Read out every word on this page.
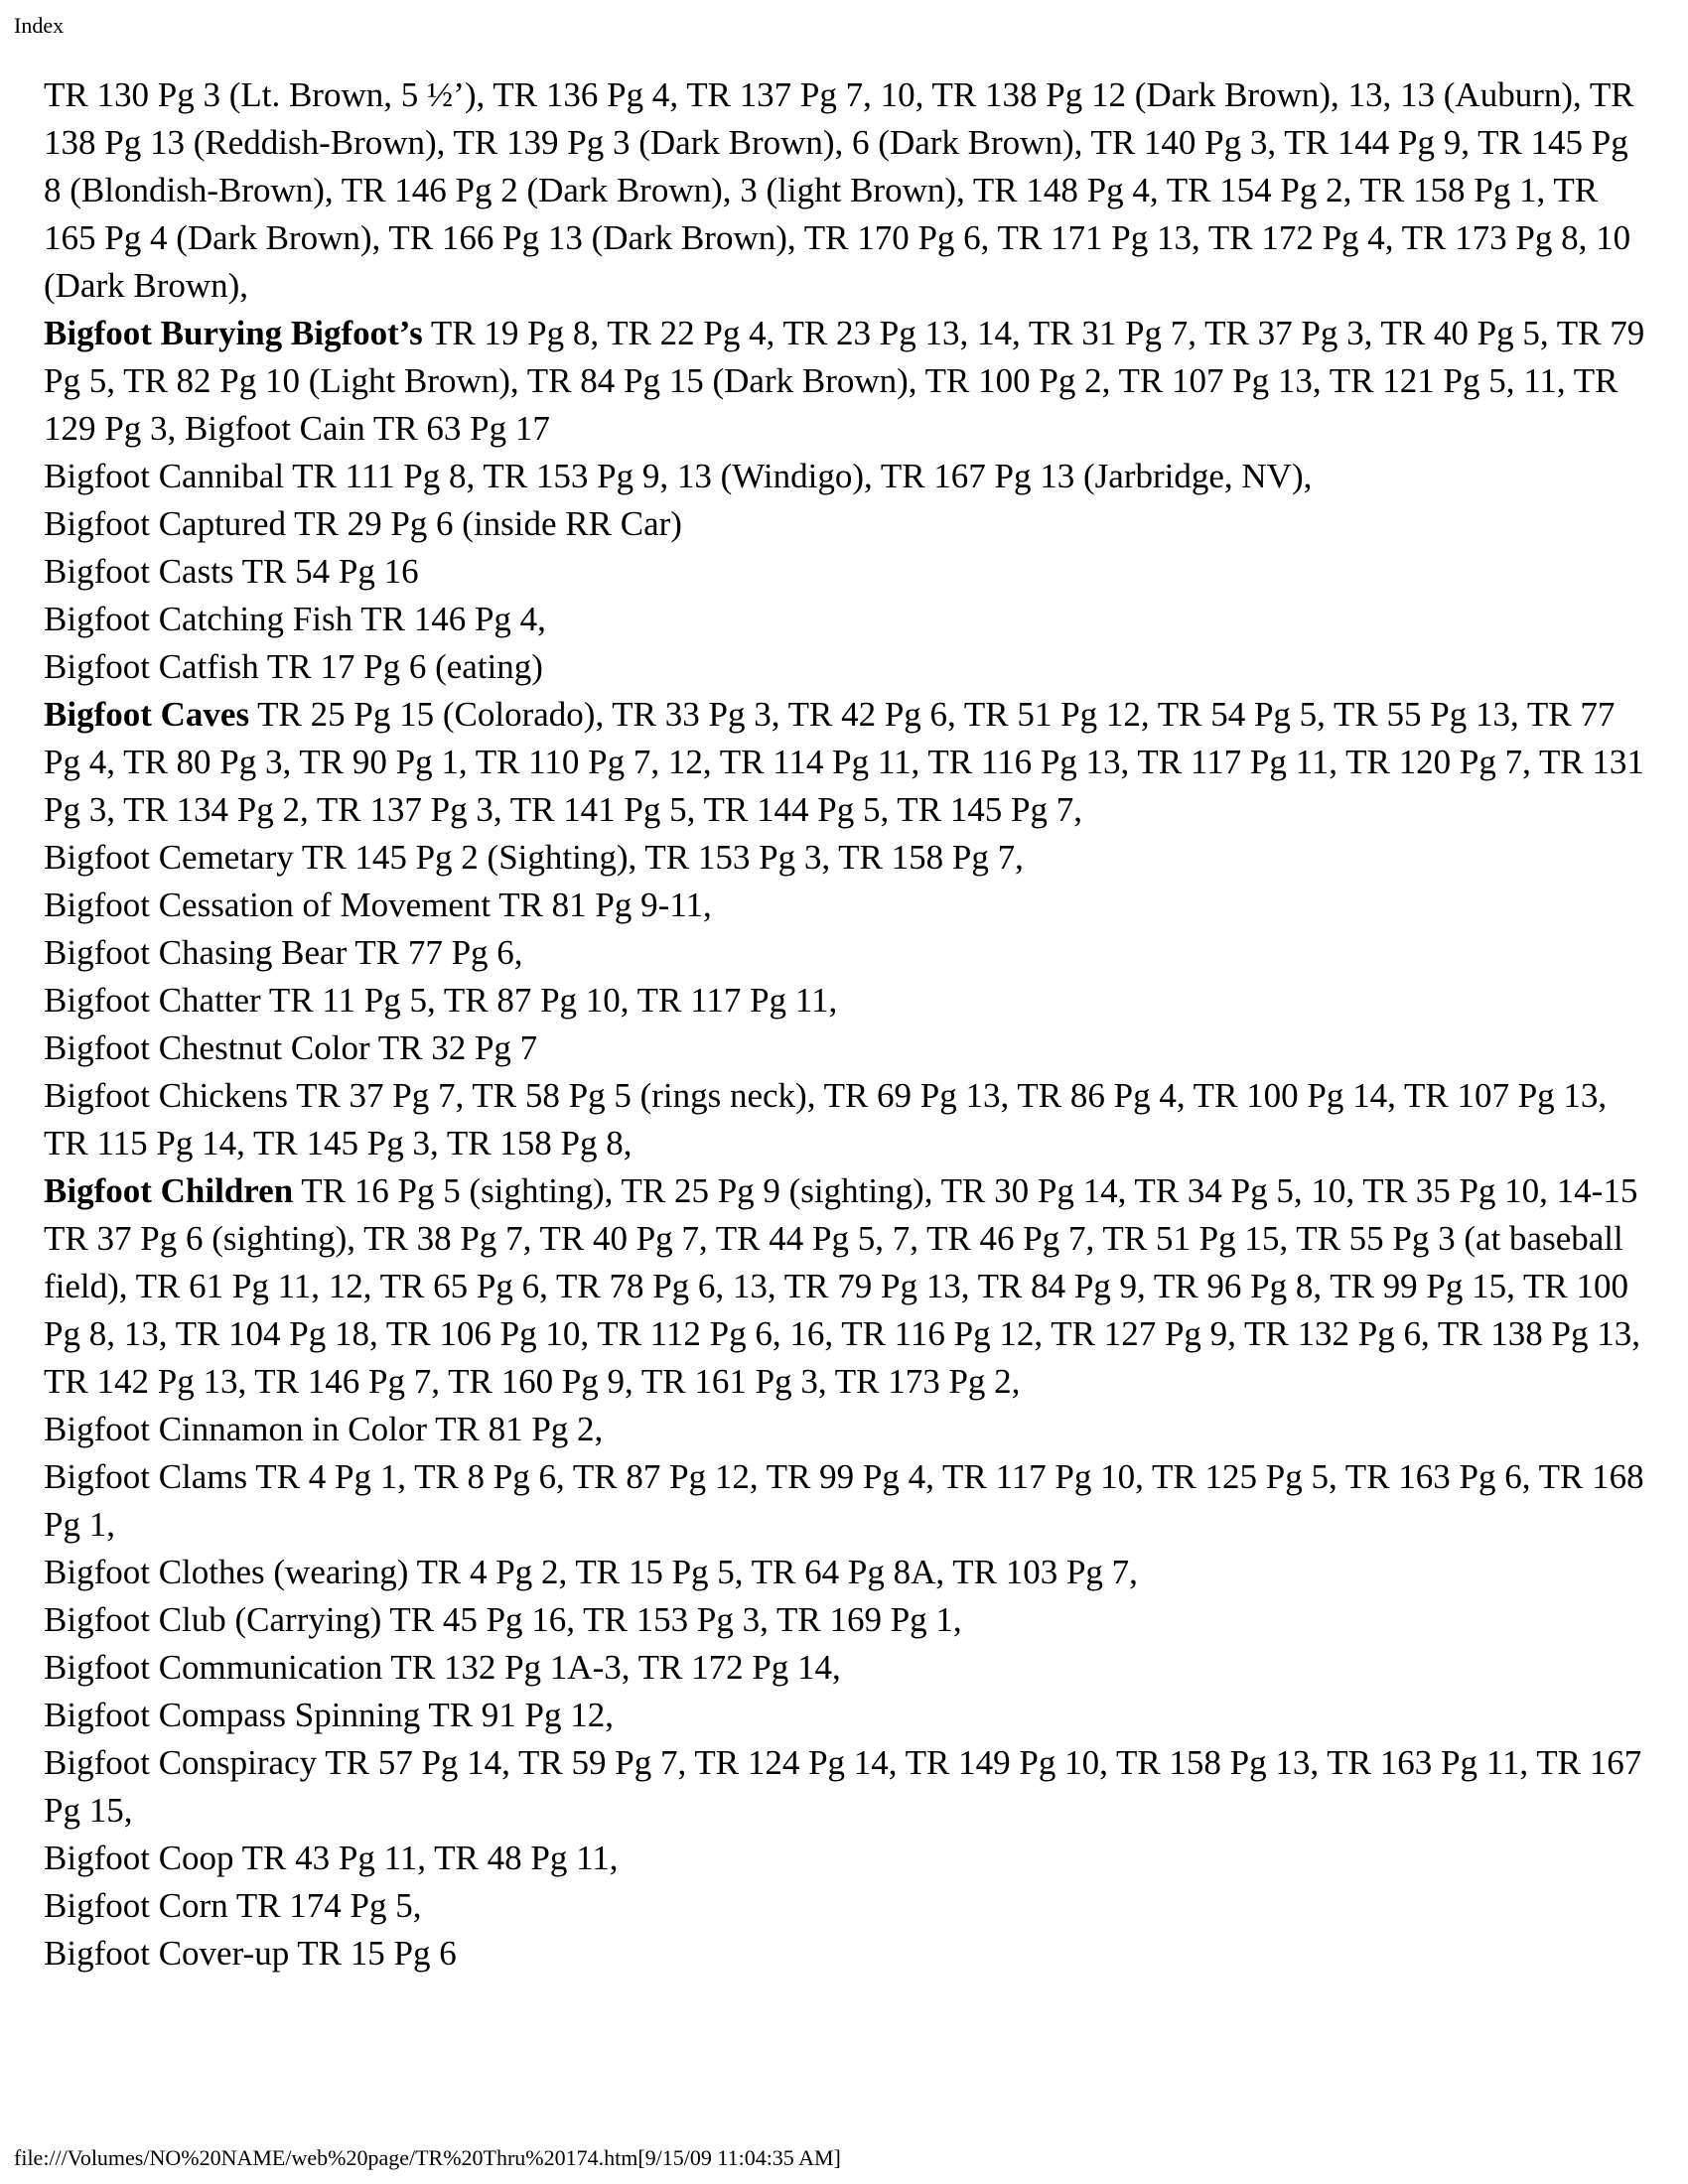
Index

TR 130 Pg 3 (Lt. Brown, 5 ½’), TR 136 Pg 4, TR 137 Pg 7, 10, TR 138 Pg 12 (Dark Brown), 13, 13 (Auburn), TR 138 Pg 13 (Reddish-Brown), TR 139 Pg 3 (Dark Brown), 6 (Dark Brown), TR 140 Pg 3, TR 144 Pg 9, TR 145 Pg 8 (Blondish-Brown), TR 146 Pg 2 (Dark Brown), 3 (light Brown), TR 148 Pg 4, TR 154 Pg 2, TR 158 Pg 1, TR 165 Pg 4 (Dark Brown), TR 166 Pg 13 (Dark Brown), TR 170 Pg 6, TR 171 Pg 13, TR 172 Pg 4, TR 173 Pg 8, 10 (Dark Brown),

Bigfoot Burying Bigfoot’s TR 19 Pg 8, TR 22 Pg 4, TR 23 Pg 13, 14, TR 31 Pg 7, TR 37 Pg 3, TR 40 Pg 5, TR 79 Pg 5, TR 82 Pg 10 (Light Brown), TR 84 Pg 15 (Dark Brown), TR 100 Pg 2, TR 107 Pg 13, TR 121 Pg 5, 11, TR 129 Pg 3, Bigfoot Cain TR 63 Pg 17

Bigfoot Cannibal TR 111 Pg 8, TR 153 Pg 9, 13 (Windigo), TR 167 Pg 13 (Jarbridge, NV),

Bigfoot Captured TR 29 Pg 6 (inside RR Car)

Bigfoot Casts TR 54 Pg 16

Bigfoot Catching Fish TR 146 Pg 4,

Bigfoot Catfish TR 17 Pg 6 (eating)

Bigfoot Caves TR 25 Pg 15 (Colorado), TR 33 Pg 3, TR 42 Pg 6, TR 51 Pg 12, TR 54 Pg 5, TR 55 Pg 13, TR 77 Pg 4, TR 80 Pg 3, TR 90 Pg 1, TR 110 Pg 7, 12, TR 114 Pg 11, TR 116 Pg 13, TR 117 Pg 11, TR 120 Pg 7, TR 131 Pg 3, TR 134 Pg 2, TR 137 Pg 3, TR 141 Pg 5, TR 144 Pg 5, TR 145 Pg 7,

Bigfoot Cemetary TR 145 Pg 2 (Sighting), TR 153 Pg 3, TR 158 Pg 7,

Bigfoot Cessation of Movement TR 81 Pg 9-11,

Bigfoot Chasing Bear TR 77 Pg 6,

Bigfoot Chatter TR 11 Pg 5, TR 87 Pg 10, TR 117 Pg 11,

Bigfoot Chestnut Color TR 32 Pg 7

Bigfoot Chickens TR 37 Pg 7, TR 58 Pg 5 (rings neck), TR 69 Pg 13, TR 86 Pg 4, TR 100 Pg 14, TR 107 Pg 13, TR 115 Pg 14, TR 145 Pg 3, TR 158 Pg 8,

Bigfoot Children TR 16 Pg 5 (sighting), TR 25 Pg 9 (sighting), TR 30 Pg 14, TR 34 Pg 5, 10, TR 35 Pg 10, 14-15 TR 37 Pg 6 (sighting), TR 38 Pg 7, TR 40 Pg 7, TR 44 Pg 5, 7, TR 46 Pg 7, TR 51 Pg 15, TR 55 Pg 3 (at baseball field), TR 61 Pg 11, 12, TR 65 Pg 6, TR 78 Pg 6, 13, TR 79 Pg 13, TR 84 Pg 9, TR 96 Pg 8, TR 99 Pg 15, TR 100 Pg 8, 13, TR 104 Pg 18, TR 106 Pg 10, TR 112 Pg 6, 16, TR 116 Pg 12, TR 127 Pg 9, TR 132 Pg 6, TR 138 Pg 13, TR 142 Pg 13, TR 146 Pg 7, TR 160 Pg 9, TR 161 Pg 3, TR 173 Pg 2,

Bigfoot Cinnamon in Color TR 81 Pg 2,

Bigfoot Clams TR 4 Pg 1, TR 8 Pg 6, TR 87 Pg 12, TR 99 Pg 4, TR 117 Pg 10, TR 125 Pg 5, TR 163 Pg 6, TR 168 Pg 1,

Bigfoot Clothes (wearing) TR 4 Pg 2, TR 15 Pg 5, TR 64 Pg 8A, TR 103 Pg 7,

Bigfoot Club (Carrying) TR 45 Pg 16, TR 153 Pg 3, TR 169 Pg 1,

Bigfoot Communication TR 132 Pg 1A-3, TR 172 Pg 14,

Bigfoot Compass Spinning TR 91 Pg 12,

Bigfoot Conspiracy TR 57 Pg 14, TR 59 Pg 7, TR 124 Pg 14, TR 149 Pg 10, TR 158 Pg 13, TR 163 Pg 11, TR 167 Pg 15,

Bigfoot Coop TR 43 Pg 11, TR 48 Pg 11,

Bigfoot Corn TR 174 Pg 5,

Bigfoot Cover-up TR 15 Pg 6

file:///Volumes/NO%20NAME/web%20page/TR%20Thru%20174.htm[9/15/09 11:04:35 AM]
